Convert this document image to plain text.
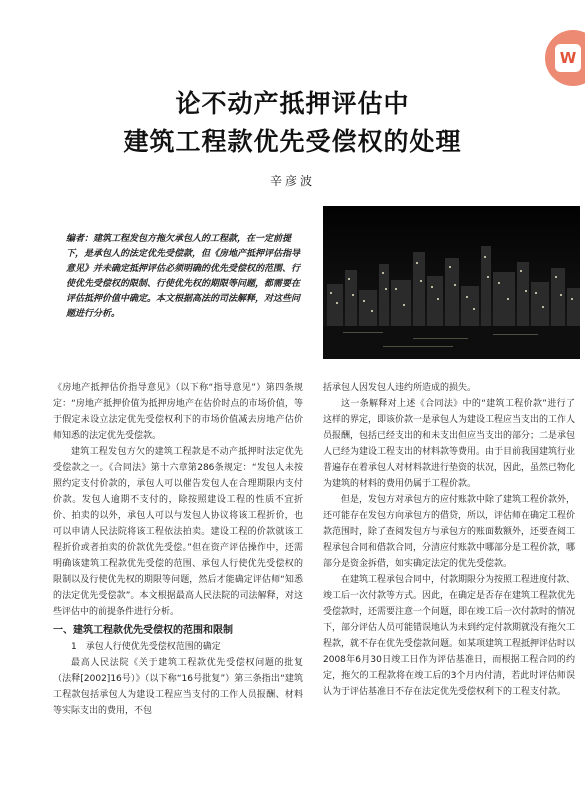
W
论不动产抵押评估中
建筑工程款优先受偿权的处理
辛彦波
编者：建筑工程发包方拖欠承包人的工程款，在一定前提下，是承包人的法定优先受偿款，但《房地产抵押评估指导意见》并未确定抵押评估必须明确的优先受偿权的范围、行使优先受偿权的限制、行使优先权的期限等问题，都需要在评估抵押价值中确定。本文根据高法的司法解释，对这些问题进行分析。

《房地产抵押估价指导意见》（以下称“指导意见”）第四条规定：“房地产抵押价值为抵押房地产在估价时点的市场价值，等于假定未设立法定优先受偿权利下的市场价值减去房地产估价师知悉的法定优先受偿款。

建筑工程发包方欠的建筑工程款是不动产抵押时法定优先受偿款之一。《合同法》第十六章第286条规定：“发包人未按照约定支付价款的，承包人可以催告发包人在合理期限内支付价款。发包人逾期不支付的，除按照建设工程的性质不宜折价、拍卖的以外，承包人可以与发包人协议将该工程折价，也可以申请人民法院将该工程依法拍卖。建设工程的价款就该工程折价或者拍卖的价款优先受偿。”但在资产评估操作中，还需明确该建筑工程款优先受偿的范围、承包人行使优先受偿权的限制以及行使优先权的期限等问题，然后才能确定评估师“知悉的法定优先受偿款”。本文根据最高人民法院的司法解释，对这些评估中的前提条件进行分析。

一、建筑工程款优先受偿权的范围和限制

1　承包人行使优先受偿权范围的确定

最高人民法院《关于建筑工程款优先受偿权问题的批复（法释[2002]16号）》（以下称“16号批复”）第三条指出“建筑工程款包括承包人为建设工程应当支付的工作人员报酬、材料等实际支出的费用，不包

括承包人因发包人违约所造成的损失。

这一条解释对上述《合同法》中的“建筑工程价款”进行了这样的界定，即该价款一是承包人为建设工程应当支出的工作人员报酬，包括已经支出的和未支出但应当支出的部分；二是承包人已经为建设工程支出的材料款等费用。由于目前我国建筑行业普遍存在着承包人对材料款进行垫资的状况，因此，虽然已物化为建筑的材料的费用仍属于工程价款。

但是，发包方对承包方的应付账款中除了建筑工程价款外，还可能存在发包方向承包方的借贷，所以，评估师在确定工程价款范围时，除了查阅发包方与承包方的账面数额外，还要查阅工程承包合同和借款合同，分清应付账款中哪部分是工程价款，哪部分是资金拆借，如实确定法定的优先受偿款。

在建筑工程承包合同中，付款期限分为按照工程进度付款、竣工后一次付款等方式。因此，在确定是否存在建筑工程款优先受偿款时，还需要注意一个问题，即在竣工后一次付款时的情况下，部分评估人员可能错误地认为未到约定付款期就没有拖欠工程款，就不存在优先受偿款问题。如某项建筑工程抵押评估时以2008年6月30日竣工日作为评估基准日，而根据工程合同的约定，拖欠的工程款将在竣工后的3个月内付清，若此时评估师误认为于评估基准日不存在法定优先受偿权利下的工程支付款。
